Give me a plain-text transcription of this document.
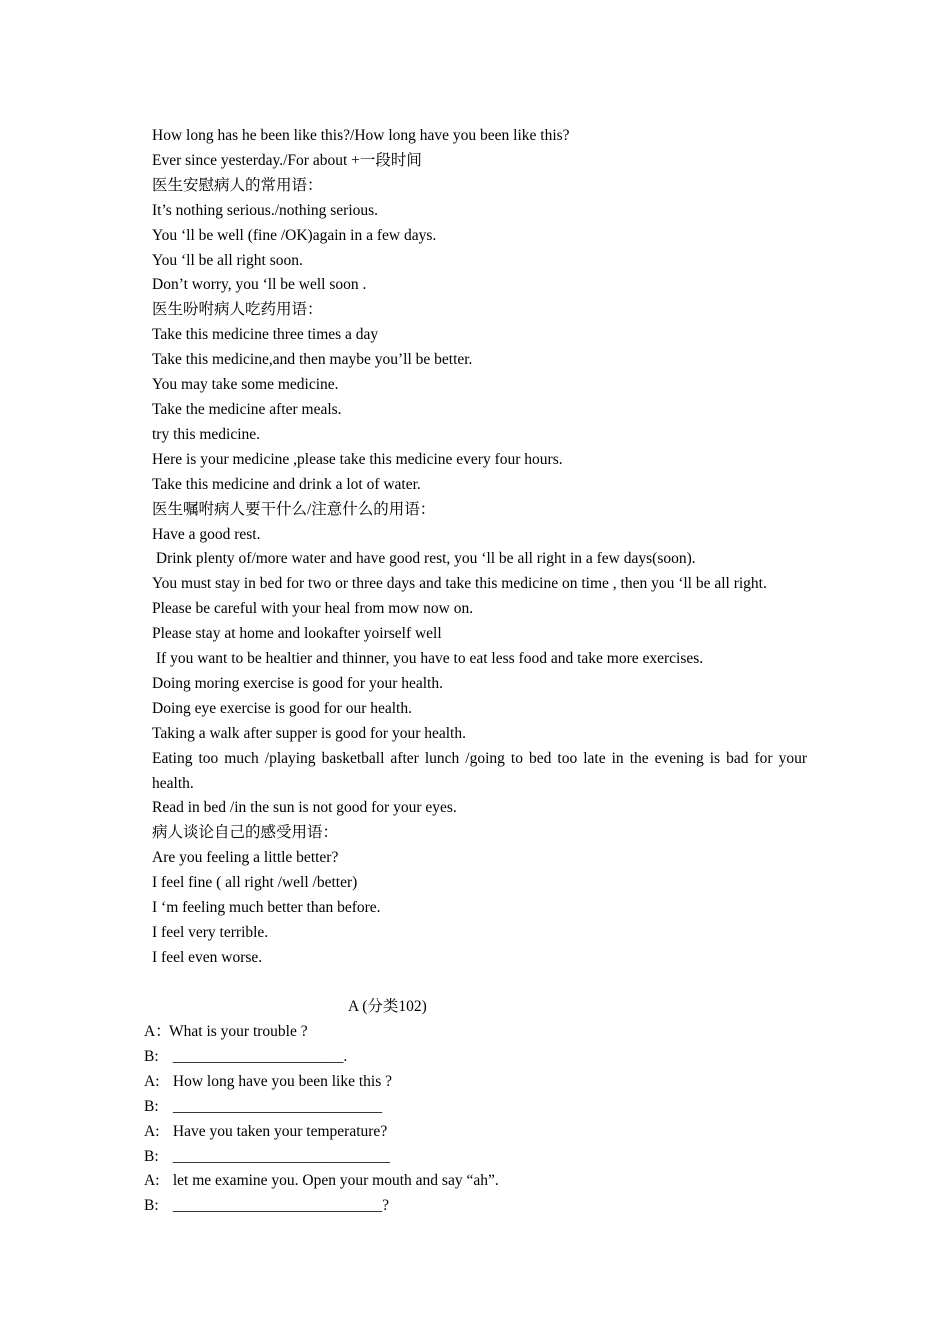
How long has he been like this?/How long have you been like this?
Ever since yesterday./For about +一段时间
医生安慰病人的常用语：
It’s nothing serious./nothing serious.
You ‘ll be well (fine /OK)again in a few days.
You ‘ll be all right soon.
Don’t worry, you ‘ll be well soon .
医生吩咐病人吃药用语：
Take this medicine three times a day
Take this medicine,and then maybe you’ll be better.
You may take some medicine.
Take the medicine after meals.
try this medicine.
Here is your medicine ,please take this medicine every four hours.
Take this medicine and drink a lot of water.
医生嘱咐病人要干什么/注意什么的用语：
Have a good rest.
Drink plenty of/more water and have good rest, you ‘ll be all right in a few days(soon).
You must stay in bed for two or three days and take this medicine on time , then you ‘ll be all right.
Please be careful with your heal from mow now on.
Please stay at home and lookafter yoirself well
If you want to be healtier and thinner, you have to eat less food and take more exercises.
Doing moring exercise is good for your health.
Doing eye exercise is good for our health.
Taking a walk after supper is good for your health.
Eating too much /playing basketball after lunch /going to bed too late in the evening is bad for your health.
Read in bed /in the sun is not good for your eyes.
病人谈论自己的感受用语：
Are you feeling a little better?
I feel fine ( all right /well /better)
I ‘m feeling much better than before.
I feel very terrible.
I feel even worse.
A (分类102)
A：What is your trouble ?
B: ______________________.
A: How long have you been like this ?
B: ___________________________
A: Have you taken your temperature?
B: ____________________________
A: let me examine you. Open your mouth and say “ah”.
B: ___________________________?
